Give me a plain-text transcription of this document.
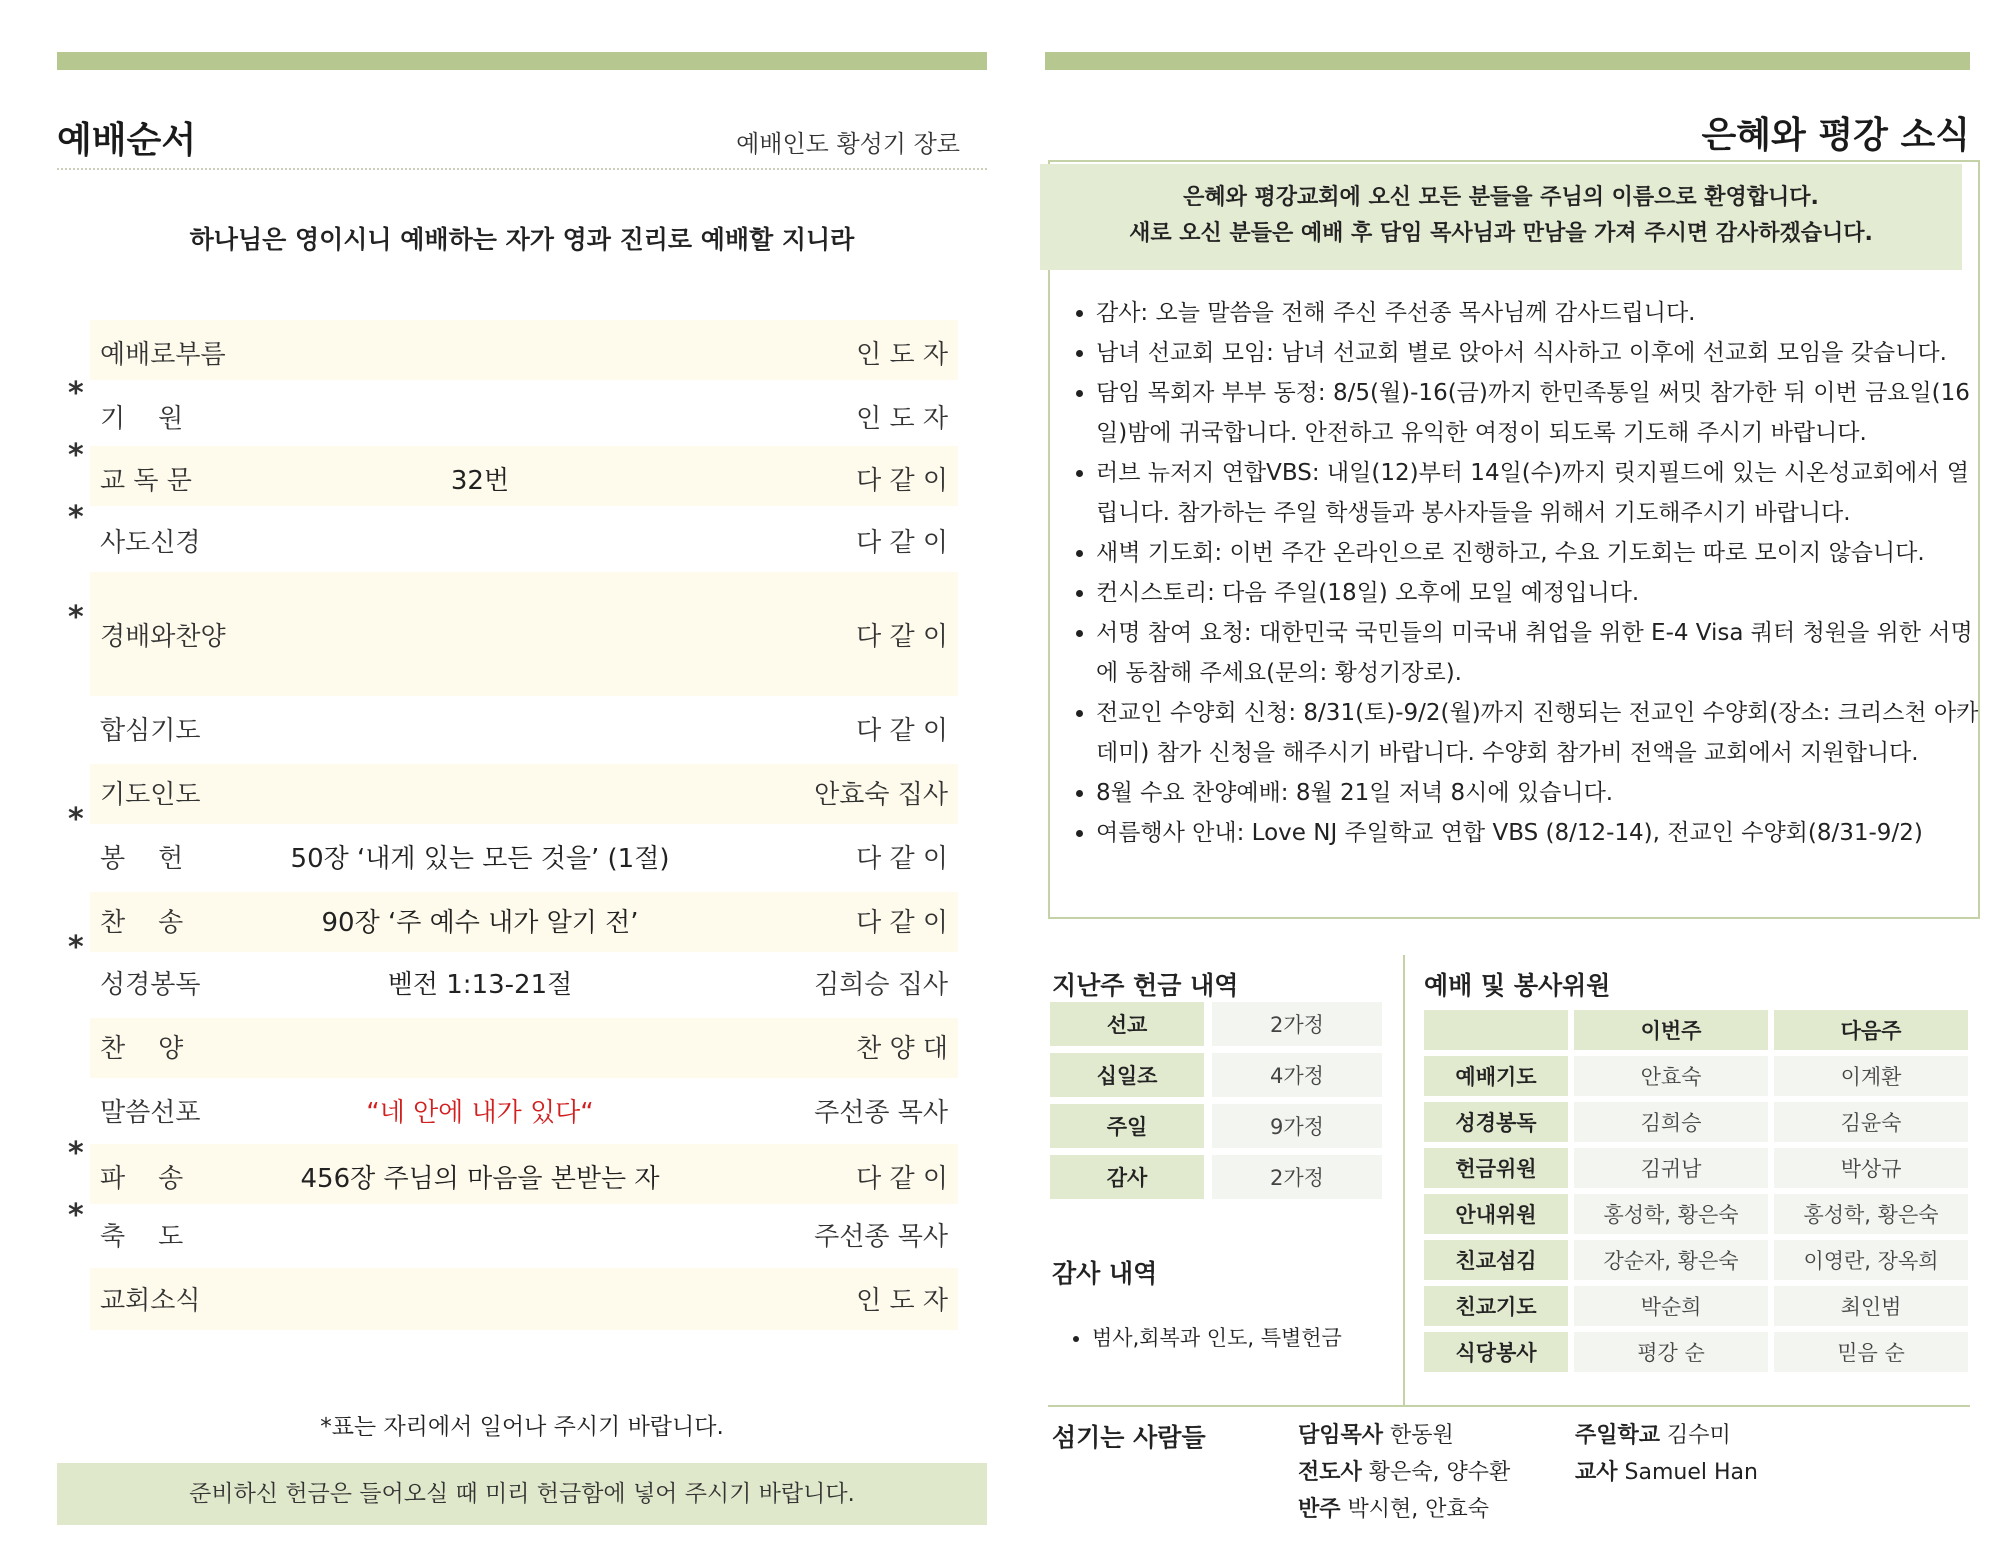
예배순서	예배인도 황성기 장로
하나님은 영이시니 예배하는 자가 영과 진리로 예배할 지니라
예배로부름	인 도 자
*
기    원	인 도 자
*
교 독 문	32번	다 같 이
*
사도신경	다 같 이
*
경배와찬양	다 같 이
합심기도	다 같 이
기도인도	안효숙 집사
*
봉    헌	50장 ‘내게 있는 모든 것을’ (1절)	다 같 이
찬    송	90장 ‘주 예수 내가 알기 전’	다 같 이
*
성경봉독	벧전 1:13-21절	김희승 집사
찬    양	찬 양 대
말씀선포	“네 안에 내가 있다“	주선종 목사
*
파    송	456장 주님의 마음을 본받는 자	다 같 이
*
축    도	주선종 목사
교회소식	인 도 자
*표는 자리에서 일어나 주시기 바랍니다.
준비하신 헌금은 들어오실 때 미리 헌금함에 넣어 주시기 바랍니다.
은혜와 평강 소식
은혜와 평강교회에 오신 모든 분들을 주님의 이름으로 환영합니다.
새로 오신 분들은 예배 후 담임 목사님과 만남을 가져 주시면 감사하겠습니다.
• 감사: 오늘 말씀을 전해 주신 주선종 목사님께 감사드립니다.
• 남녀 선교회 모임: 남녀 선교회 별로 앉아서 식사하고 이후에 선교회 모임을 갖습니다.
• 담임 목회자 부부 동정: 8/5(월)-16(금)까지 한민족통일 써밋 참가한 뒤 이번 금요일(16일)밤에 귀국합니다. 안전하고 유익한 여정이 되도록 기도해 주시기 바랍니다.
• 러브 뉴저지 연합VBS: 내일(12)부터 14일(수)까지 릿지필드에 있는 시온성교회에서 열립니다. 참가하는 주일 학생들과 봉사자들을 위해서 기도해주시기 바랍니다.
• 새벽 기도회: 이번 주간 온라인으로 진행하고, 수요 기도회는 따로 모이지 않습니다.
• 컨시스토리: 다음 주일(18일) 오후에 모일 예정입니다.
• 서명 참여 요청: 대한민국 국민들의 미국내 취업을 위한 E-4 Visa 쿼터 청원을 위한 서명에 동참해 주세요(문의: 황성기장로).
• 전교인 수양회 신청: 8/31(토)-9/2(월)까지 진행되는 전교인 수양회(장소: 크리스천 아카데미) 참가 신청을 해주시기 바랍니다. 수양회 참가비 전액을 교회에서 지원합니다.
• 8월 수요 찬양예배: 8월 21일 저녁 8시에 있습니다.
• 여름행사 안내: Love NJ 주일학교 연합 VBS (8/12-14), 전교인 수양회(8/31-9/2)
지난주 헌금 내역
선교	2가정
십일조	4가정
주일	9가정
감사	2가정
감사 내역
• 범사,회복과 인도, 특별헌금
예배 및 봉사위원
이번주	다음주
예배기도	안효숙	이계환
성경봉독	김희승	김윤숙
헌금위원	김귀남	박상규
안내위원	홍성학, 황은숙	홍성학, 황은숙
친교섬김	강순자, 황은숙	이영란, 장옥희
친교기도	박순희	최인범
식당봉사	평강 순	믿음 순
섬기는 사람들	담임목사 한동원
전도사 황은숙, 양수환
반주 박시현, 안효숙
주일학교 김수미
교사 Samuel Han
